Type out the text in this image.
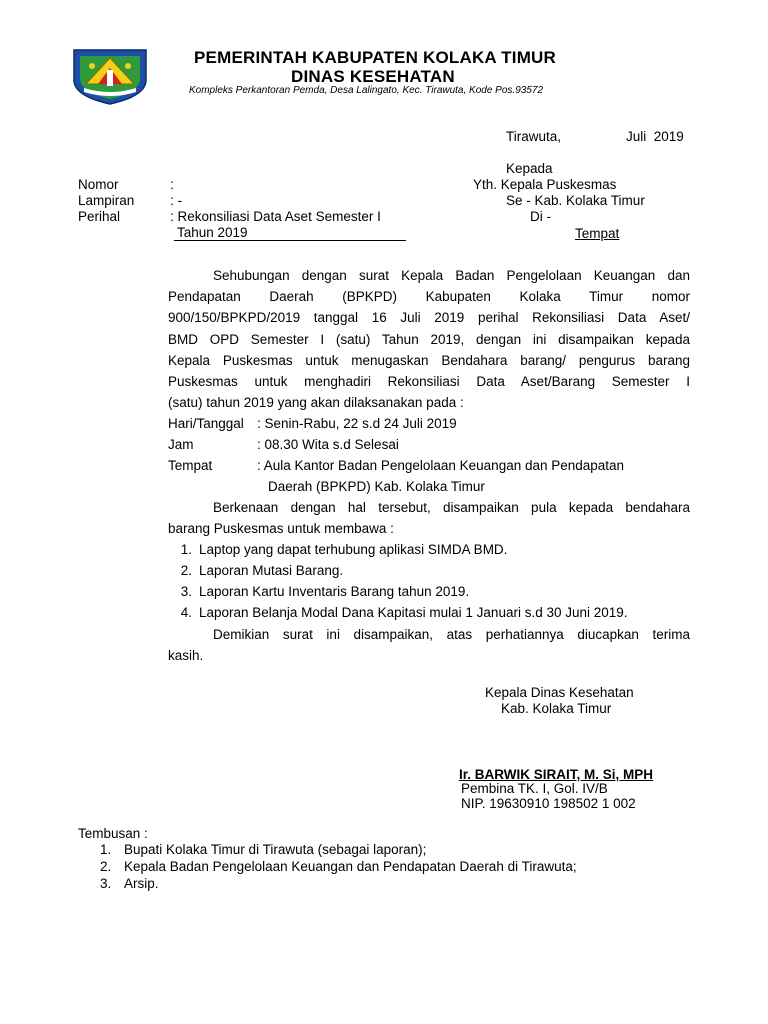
PEMERINTAH KABUPATEN KOLAKA TIMUR
DINAS KESEHATAN
Kompleks Perkantoran Pemda, Desa Lalingato, Kec. Tirawuta, Kode Pos.93572
Tirawuta,	Juli  2019
Kepada
Yth. Kepala Puskesmas
Se - Kab. Kolaka Timur
Di -
Tempat
Nomor	:
Lampiran	: -
Perihal	: Rekonsiliasi Data Aset Semester I
Tahun 2019
Sehubungan dengan surat Kepala Badan Pengelolaan Keuangan dan
Pendapatan Daerah (BPKPD) Kabupaten Kolaka Timur nomor
900/150/BPKPD/2019 tanggal 16 Juli 2019 perihal Rekonsiliasi Data Aset/
BMD OPD Semester I (satu) Tahun 2019, dengan ini disampaikan kepada
Kepala Puskesmas untuk menugaskan Bendahara barang/ pengurus barang
Puskesmas untuk menghadiri Rekonsiliasi Data Aset/Barang Semester I
(satu) tahun 2019 yang akan dilaksanakan pada :
Hari/Tanggal : Senin-Rabu, 22 s.d 24 Juli 2019
Jam	: 08.30 Wita s.d Selesai
Tempat	: Aula Kantor Badan Pengelolaan Keuangan dan Pendapatan
Daerah (BPKPD) Kab. Kolaka Timur
Berkenaan dengan hal tersebut, disampaikan pula kepada bendahara
barang Puskesmas untuk membawa :
1. Laptop yang dapat terhubung aplikasi SIMDA BMD.
2. Laporan Mutasi Barang.
3. Laporan Kartu Inventaris Barang tahun 2019.
4. Laporan Belanja Modal Dana Kapitasi mulai 1 Januari s.d 30 Juni 2019.
Demikian surat ini disampaikan, atas perhatiannya diucapkan terima
kasih.
Kepala Dinas Kesehatan
Kab. Kolaka Timur
Ir. BARWIK SIRAIT, M. Si, MPH
Pembina TK. I, Gol. IV/B
NIP. 19630910 198502 1 002
Tembusan :
1. Bupati Kolaka Timur di Tirawuta (sebagai laporan);
2. Kepala Badan Pengelolaan Keuangan dan Pendapatan Daerah di Tirawuta;
3. Arsip.
